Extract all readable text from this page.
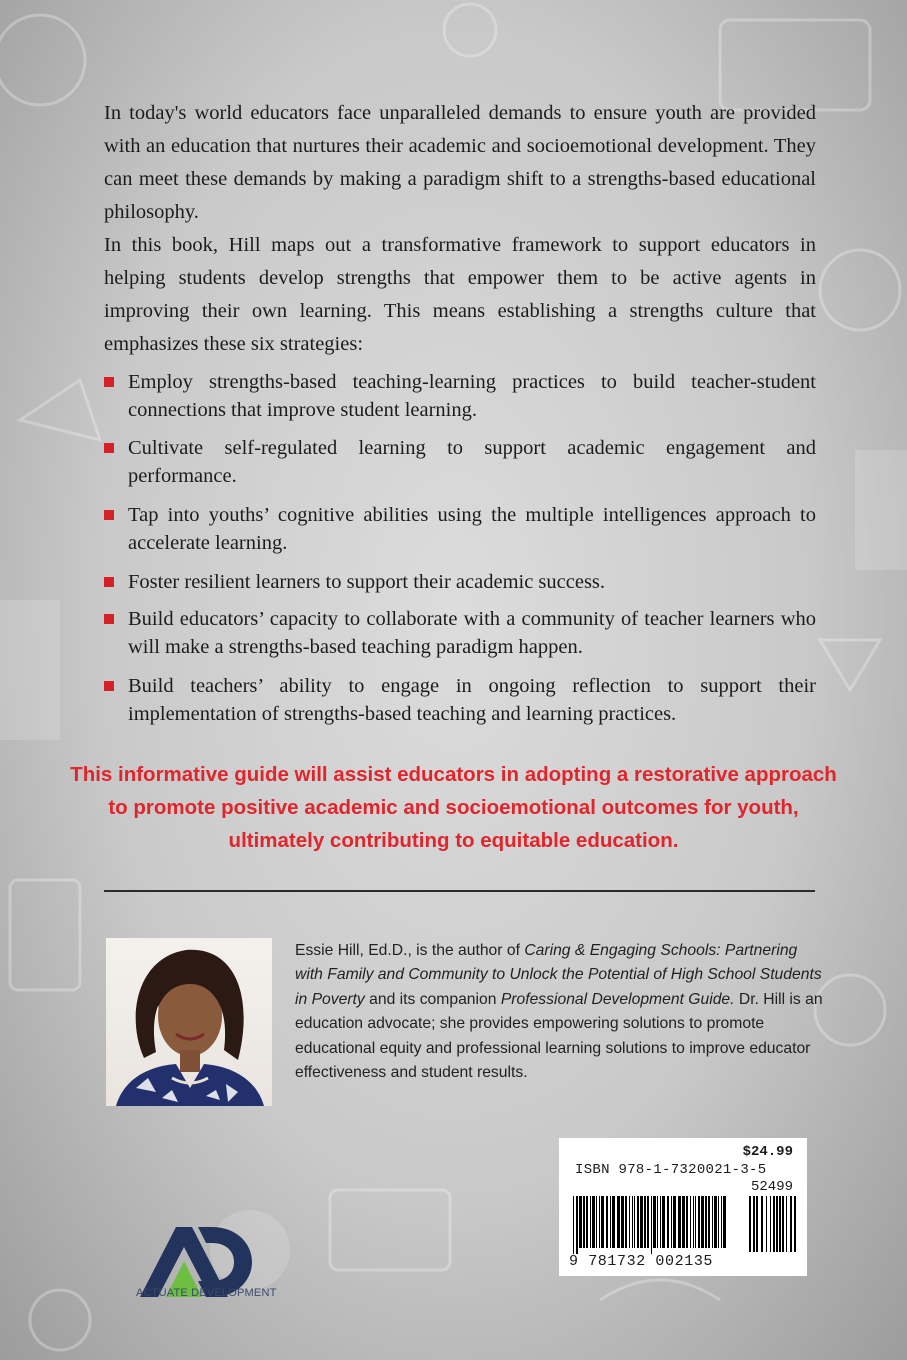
In today's world educators face unparalleled demands to ensure youth are provided with an education that nurtures their academic and socioemotional development. They can meet these demands by making a paradigm shift to a strengths-based educational philosophy.

In this book, Hill maps out a transformative framework to support educators in helping students develop strengths that empower them to be active agents in improving their own learning. This means establishing a strengths culture that emphasizes these six strategies:

Employ strengths-based teaching-learning practices to build teacher-student connections that improve student learning.
Cultivate self-regulated learning to support academic engagement and performance.
Tap into youths’ cognitive abilities using the multiple intelligences approach to accelerate learning.
Foster resilient learners to support their academic success.
Build educators’ capacity to collaborate with a community of teacher learners who will make a strengths-based teaching paradigm happen.
Build teachers’ ability to engage in ongoing reflection to support their implementation of strengths-based teaching and learning practices.

This informative guide will assist educators in adopting a restorative approach to promote positive academic and socioemotional outcomes for youth, ultimately contributing to equitable education.

Essie Hill, Ed.D., is the author of Caring & Engaging Schools: Partnering with Family and Community to Unlock the Potential of High School Students in Poverty and its companion Professional Development Guide. Dr. Hill is an education advocate; she provides empowering solutions to promote educational equity and professional learning solutions to improve educator effectiveness and student results.

$24.99
ISBN 978-1-7320021-3-5
52499
9 781732 002135
ACTUATE DEVELOPMENT
